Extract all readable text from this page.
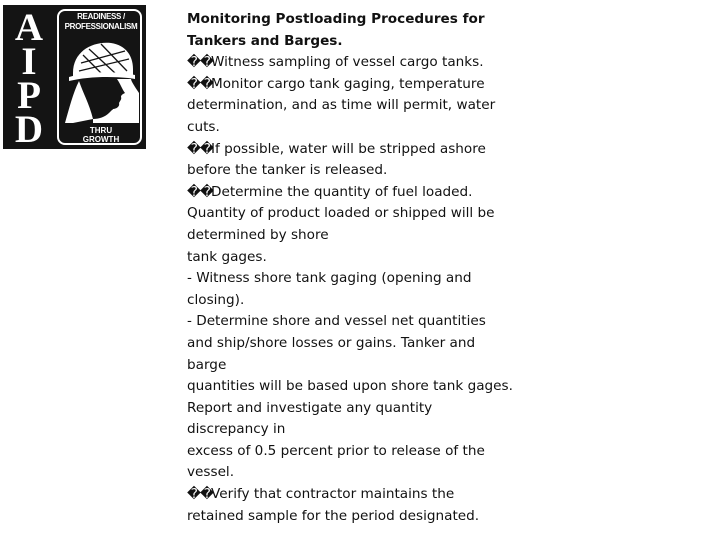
A
I
P
D
READINESS /
PROFESSIONALISM
THRU
GROWTH
Monitoring Postloading Procedures for
Tankers and Barges.
��Witness sampling of vessel cargo tanks.
��Monitor cargo tank gaging, temperature
determination, and as time will permit, water
cuts.
��If possible, water will be stripped ashore
before the tanker is released.
��Determine the quantity of fuel loaded.
Quantity of product loaded or shipped will be
determined by shore
tank gages.
- Witness shore tank gaging (opening and
closing).
- Determine shore and vessel net quantities
and ship/shore losses or gains. Tanker and
barge
quantities will be based upon shore tank gages.
Report and investigate any quantity
discrepancy in
excess of 0.5 percent prior to release of the
vessel.
��Verify that contractor maintains the
retained sample for the period designated.
